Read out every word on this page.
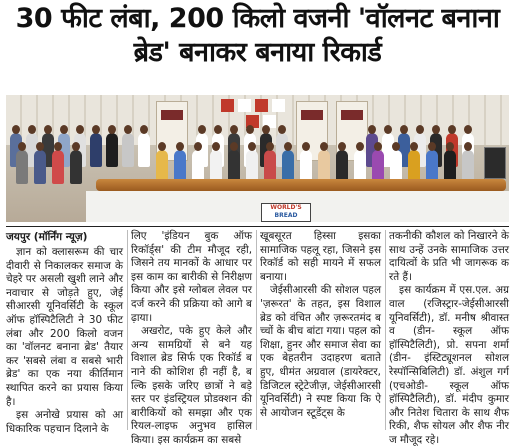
30 फीट लंबा, 200 किलो वजनी 'वॉलनट बनाना ब्रेड' बनाकर बनाया रिकार्ड
WORLD'S
BREAD
जयपुर (मॉर्निंग न्यूज़)

ज्ञान को क्लासरूम की चारदीवारी से निकालकर समाज के चेहरे पर असली खुशी लाने और नवाचार से जोड़ते हुए, जेईसीआरसी यूनिवर्सिटी के स्कूल ऑफ हॉस्पिटैलिटी ने 30 फीट लंबा और 200 किलो वजन का 'वॉलनट बनाना ब्रेड' तैयार कर 'सबसे लंबा व सबसे भारी ब्रेड' का एक नया कीर्तिमान स्थापित करने का प्रयास किया है।

इस अनोखे प्रयास को आधिकारिक पहचान दिलाने के

लिए 'इंडियन बुक ऑफ रिकॉर्ड्स' की टीम मौजूद रही, जिसने तय मानकों के आधार पर इस काम का बारीकी से निरीक्षण किया और इसे ग्लोबल लेवल पर दर्ज करने की प्रक्रिया को आगे बढ़ाया।

अखरोट, पके हुए केले और अन्य सामग्रियों से बने यह विशाल ब्रेड सिर्फ एक रिकॉर्ड बनाने की कोशिश ही नहीं है, बल्कि इसके जरिए छात्रों ने बड़े स्तर पर इंडस्ट्रियल प्रोडक्शन की बारीकियों को समझा और एक रियल-लाइफ अनुभव हासिल किया। इस कार्यक्रम का सबसे

खूबसूरत हिस्सा इसका सामाजिक पहलू रहा, जिसने इस रिकॉर्ड को सही मायने में सफल बनाया।

जेईसीआरसी की सोशल पहल 'ज़रूरत' के तहत, इस विशाल ब्रेड को वंचित और ज़रूरतमंद बच्चों के बीच बांटा गया। पहल को शिक्षा, हुनर और समाज सेवा का एक बेहतरीन उदाहरण बताते हुए, धीमंत अग्रवाल (डायरेक्टर, डिजिटल स्ट्रेटेजीज़, जेईसीआरसी यूनिवर्सिटी) ने स्पष्ट किया कि ऐसे आयोजन स्टूडेंट्स के

तकनीकी कौशल को निखारने के साथ उन्हें उनके सामाजिक उत्तरदायित्वों के प्रति भी जागरूक करते हैं।

इस कार्यक्रम में एस.एल. अग्रवाल (रजिस्ट्रार-जेईसीआरसी यूनिवर्सिटी), डॉ. मनीष श्रीवास्तव (डीन- स्कूल ऑफ हॉस्पिटैलिटी), प्रो. सपना शर्मा (डीन- इंस्टिट्यूशनल सोशल रेस्पॉन्सिबिलिटी) डॉ. अंशुल गर्ग (एचओडी- स्कूल ऑफ हॉस्पिटैलिटी), डॉ. मंदीप कुमार और नितेश चितारा के साथ शैफ रिकी, शैफ सोयल और शैफ नीरज मौजूद रहे।
